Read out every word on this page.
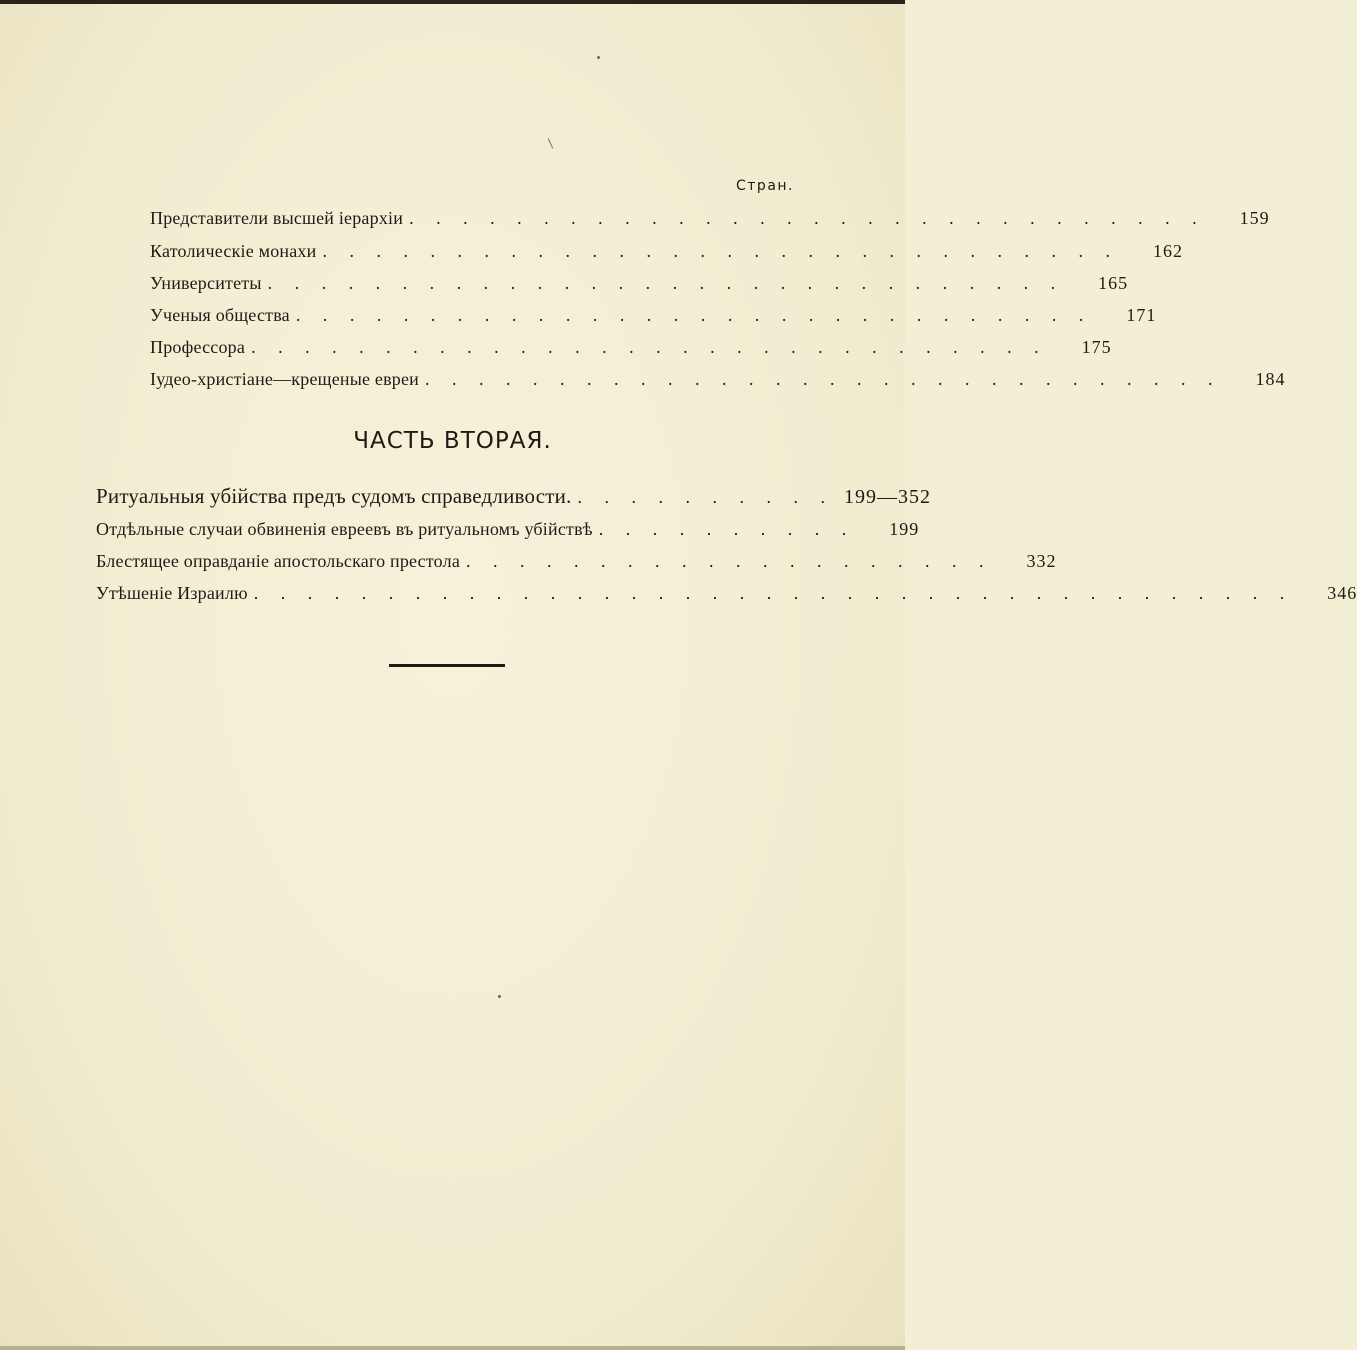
Стран.
Представители высшей іерархіи . . . . . . . . . . . . . . . . . . . . . . . . . . . . . .	159
Католическіе монахи . . . . . . . . . . . . . . . . . . . . . . . . . . . . . .	162
Университеты . . . . . . . . . . . . . . . . . . . . . . . . . . . . . .	165
Ученыя общества . . . . . . . . . . . . . . . . . . . . . . . . . . . . . .	171
Профессора . . . . . . . . . . . . . . . . . . . . . . . . . . . . . .	175
Іудео-христіане—крещеные евреи . . . . . . . . . . . . . . . . . . . . . . . . . . . . . .	184
ЧАСТЬ ВТОРАЯ.
Ритуальныя убійства предъ судомъ справедливости. . . . . . . . . . . 199—352
Отдѣльные случаи обвиненія евреевъ въ ритуальномъ убійствѣ . . . . . . . . . .	199
Блестящее оправданіе апостольскаго престола . . . . . . . . . . . . . . . . . . . .	332
Утѣшеніе Израилю . . . . . . . . . . . . . . . . . . . . . . . . . . . . . . . . . . . . . . .	346
